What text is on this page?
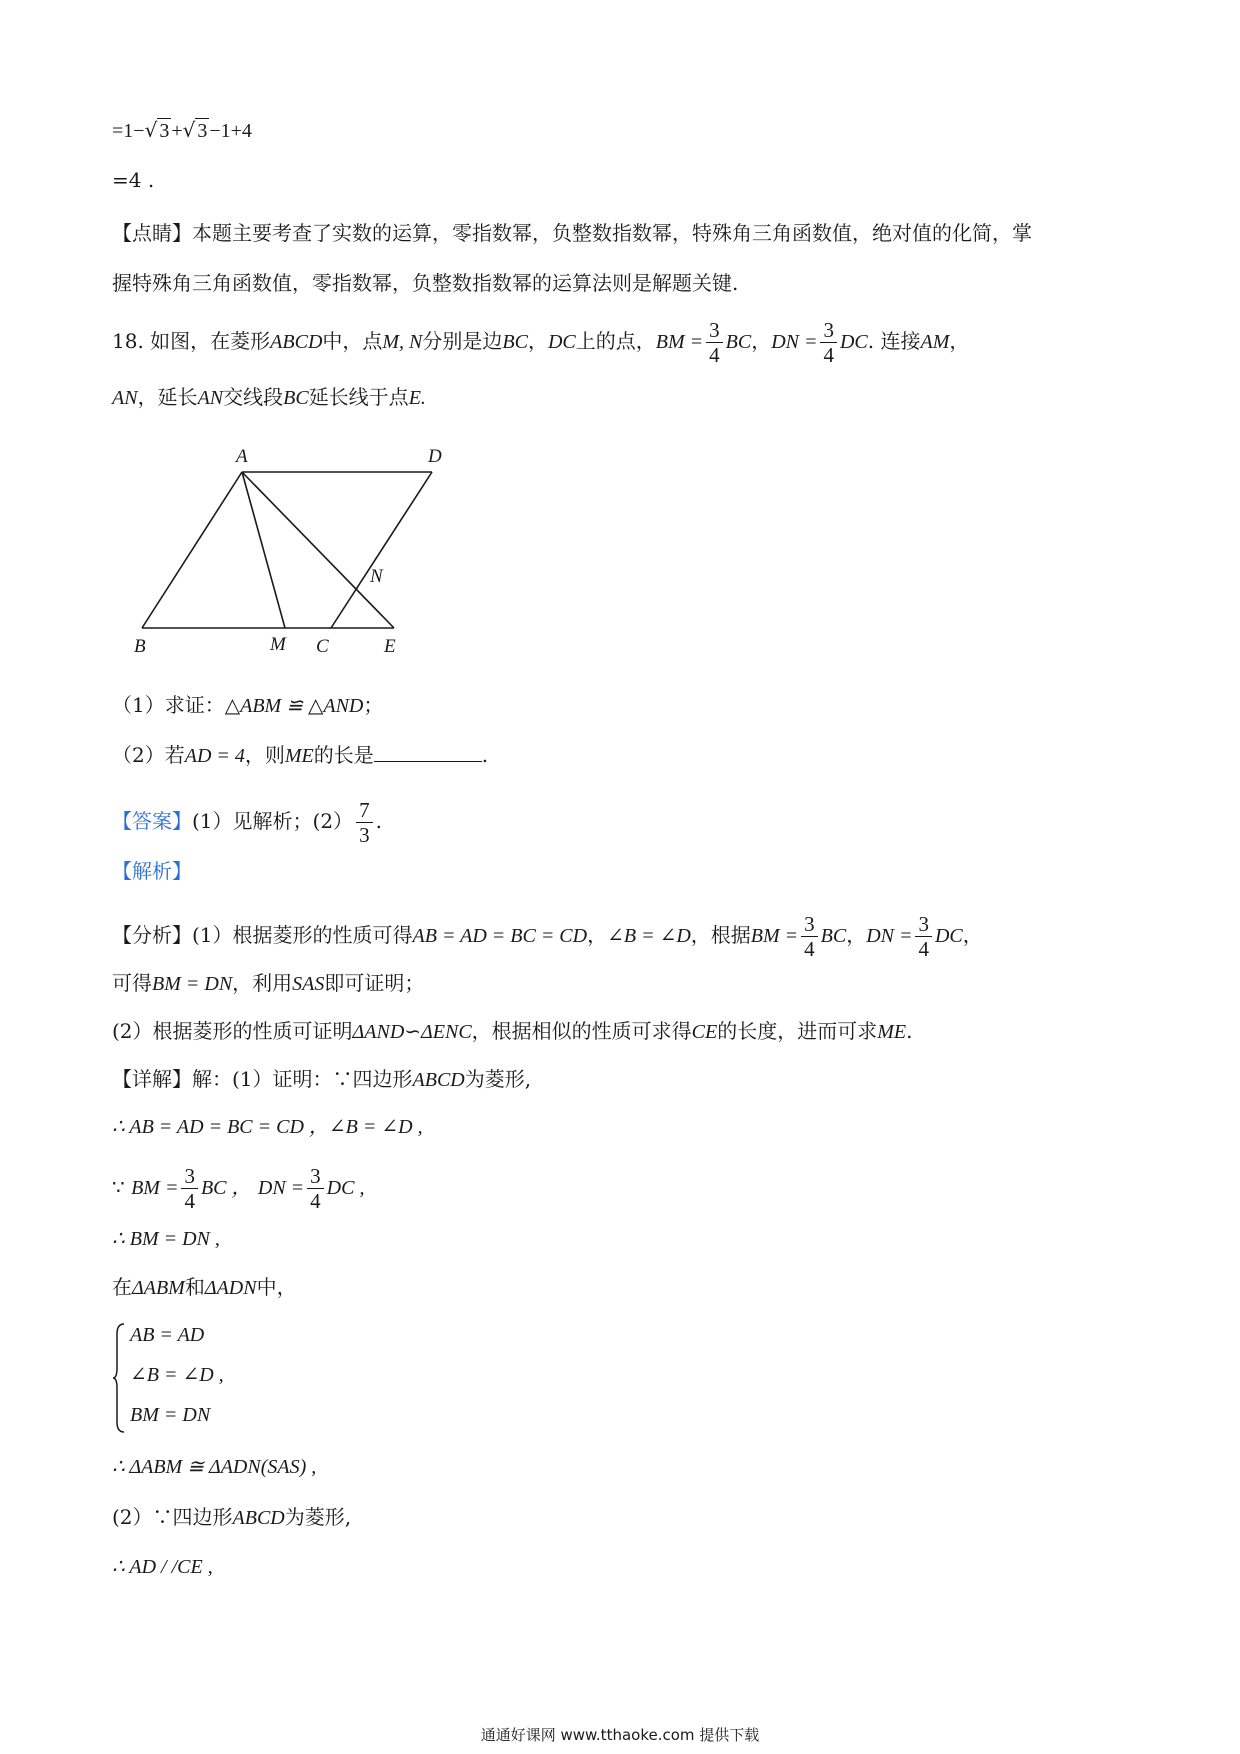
=1−√ 3 +√ 3 −1+4
=4 .
【点睛】本题主要考查了实数的运算，零指数幂，负整数指数幂，特殊角三角函数值，绝对值的化简，掌
握特殊角三角函数值，零指数幂，负整数指数幂的运算法则是解题关键.
18. 如图，在菱形ABCD中，点M, N分别是边BC，DC上的点，BM = $\frac{3}{4}$ BC，DN = $\frac{3}{4}$ DC. 连接AM，
AN，延长AN交线段BC延长线于点E.
A	D
N
B	M C	E
（1）求证：△ABM ≌ △AND；
（2）若AD = 4，则ME的长是	.
【答案】(1）见解析；$(2) \frac{7}{3}$ .
【解析】
【分析】(1）根据菱形的性质可得AB = AD = BC = CD，∠B = ∠D，根据BM = $\frac{3}{4}$ BC，DN = $\frac{3}{4}$ DC，
可得BM = DN，利用SAS即可证明；
(2）根据菱形的性质可证明ΔAND∽ΔENC，根据相似的性质可求得CE的长度，进而可求ME.
【详解】解：(1）证明：∵四边形ABCD为菱形,
∴ AB = AD = BC = CD ，∠B = ∠D ,
∵ BM = $\frac{3}{4}$ BC ， DN = $\frac{3}{4}$ DC ,
∴ BM = DN ,
在ΔABM和ΔADN中，
AB = AD
∠B = ∠D ,
BM = DN
∴ ΔABM ≅ ΔADN(SAS) ,
(2）∵四边形ABCD为菱形,
∴ AD / /CE ,
通通好课网 www.tthaoke.com 提供下载
